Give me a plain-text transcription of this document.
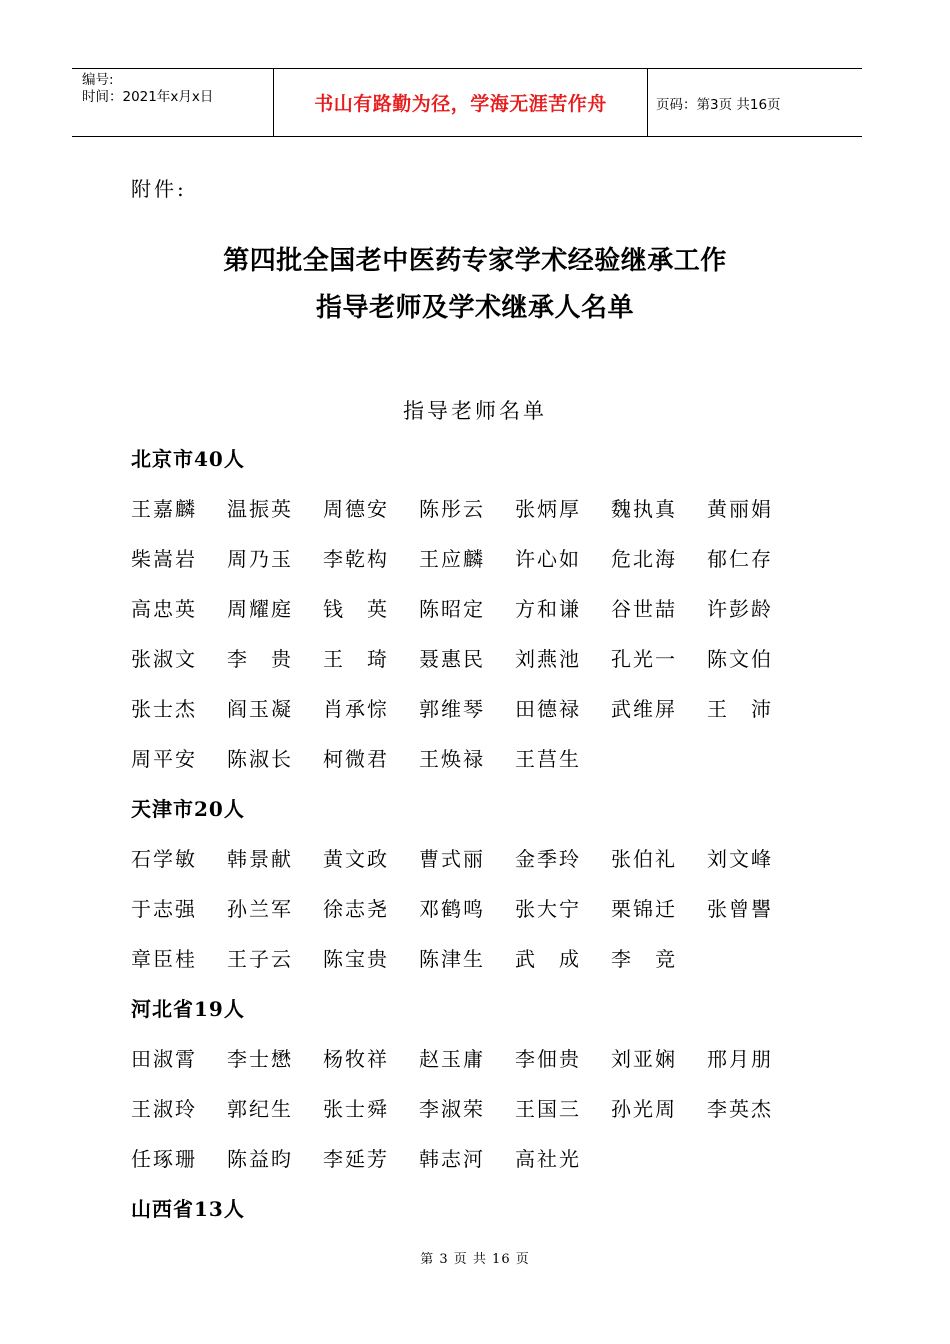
编号:
时间：2021年x月x日	书山有路勤为径，学海无涯苦作舟	页码：第3页 共16页
附件:
第四批全国老中医药专家学术经验继承工作
指导老师及学术继承人名单
指导老师名单
北京市40人
王嘉麟	温振英	周德安	陈彤云	张炳厚	魏执真	黄丽娟
柴嵩岩	周乃玉	李乾构	王应麟	许心如	危北海	郁仁存
高忠英	周耀庭	钱　英	陈昭定	方和谦	谷世喆	许彭龄
张淑文	李　贵	王　琦	聂惠民	刘燕池	孔光一	陈文伯
张士杰	阎玉凝	肖承悰	郭维琴	田德禄	武维屏	王　沛
周平安	陈淑长	柯微君	王焕禄	王莒生
天津市20人
石学敏	韩景献	黄文政	曹式丽	金季玲	张伯礼	刘文峰
于志强	孙兰军	徐志尧	邓鹤鸣	张大宁	栗锦迁	张曾譻
章臣桂	王子云	陈宝贵	陈津生	武　成	李　竞
河北省19人
田淑霄	李士懋	杨牧祥	赵玉庸	李佃贵	刘亚娴	邢月朋
王淑玲	郭纪生	张士舜	李淑荣	王国三	孙光周	李英杰
任琢珊	陈益昀	李延芳	韩志河	高社光
山西省13人
第 3 页 共 16 页
